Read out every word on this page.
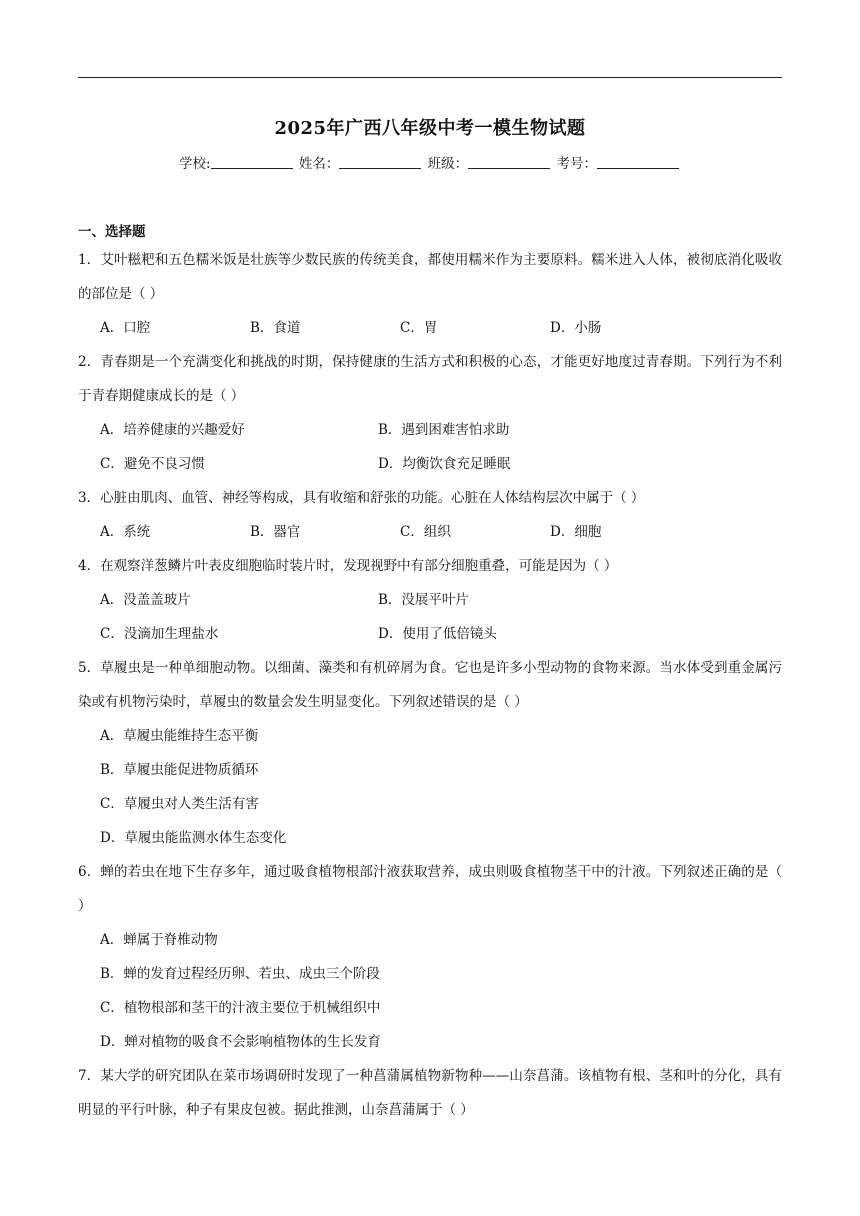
2025年广西八年级中考一模生物试题
学校:	姓名：	班级：	考号：
一、选择题
1．艾叶糍粑和五色糯米饭是壮族等少数民族的传统美食，都使用糯米作为主要原料。糯米进入人体，被彻底消化吸收的部位是（ ）
A．口腔	B．食道	C．胃	D．小肠
2．青春期是一个充满变化和挑战的时期，保持健康的生活方式和积极的心态，才能更好地度过青春期。下列行为不利于青春期健康成长的是（ ）
A．培养健康的兴趣爱好	B．遇到困难害怕求助
C．避免不良习惯	D．均衡饮食充足睡眠
3．心脏由肌肉、血管、神经等构成，具有收缩和舒张的功能。心脏在人体结构层次中属于（ ）
A．系统	B．器官	C．组织	D．细胞
4．在观察洋葱鳞片叶表皮细胞临时装片时，发现视野中有部分细胞重叠，可能是因为（ ）
A．没盖盖玻片	B．没展平叶片
C．没滴加生理盐水	D．使用了低倍镜头
5．草履虫是一种单细胞动物。以细菌、藻类和有机碎屑为食。它也是许多小型动物的食物来源。当水体受到重金属污染或有机物污染时，草履虫的数量会发生明显变化。下列叙述错误的是（ ）
A．草履虫能维持生态平衡
B．草履虫能促进物质循环
C．草履虫对人类生活有害
D．草履虫能监测水体生态变化
6．蝉的若虫在地下生存多年，通过吸食植物根部汁液获取营养，成虫则吸食植物茎干中的汁液。下列叙述正确的是（ ）
A．蝉属于脊椎动物
B．蝉的发育过程经历卵、若虫、成虫三个阶段
C．植物根部和茎干的汁液主要位于机械组织中
D．蝉对植物的吸食不会影响植物体的生长发育
7．某大学的研究团队在菜市场调研时发现了一种菖蒲属植物新物种——山奈菖蒲。该植物有根、茎和叶的分化，具有明显的平行叶脉，种子有果皮包被。据此推测，山奈菖蒲属于（ ）
